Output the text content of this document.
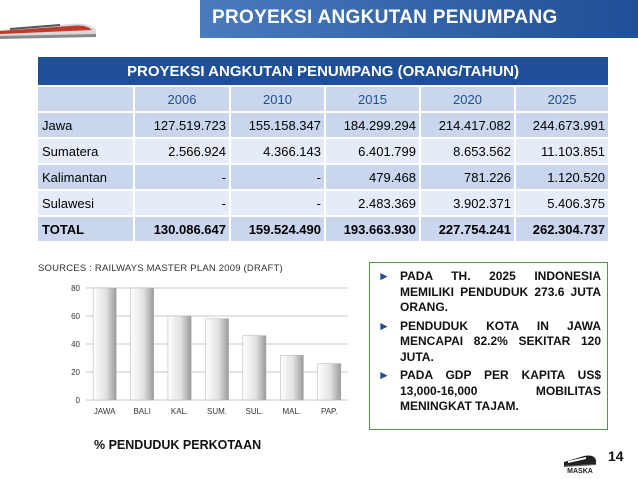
PROYEKSI ANGKUTAN PENUMPANG
PROYEKSI ANGKUTAN PENUMPANG (ORANG/TAHUN)					
	2006	2010	2015	2020	2025
Jawa	127.519.723	155.158.347	184.299.294	214.417.082	244.673.991
Sumatera	2.566.924	4.366.143	6.401.799	8.653.562	11.103.851
Kalimantan	-	-	479.468	781.226	1.120.520
Sulawesi	-	-	2.483.369	3.902.371	5.406.375
TOTAL	130.086.647	159.524.490	193.663.930	227.754.241	262.304.737
SOURCES : RAILWAYS MASTER PLAN 2009 (DRAFT)
0
20
40
60
80
JAWA BALI	KAL. SUM. SUL. MAL. PAP.
% PENDUDUK PERKOTAAN
► PADA TH. 2025 INDONESIA MEMILIKI PENDUDUK 273.6 JUTA ORANG.
► PENDUDUK KOTA IN JAWA MENCAPAI 82.2% SEKITAR 120 JUTA.
► PADA GDP PER KAPITA US$ 13,000-16,000 MOBILITAS MENINGKAT TAJAM.
MASKA
14
